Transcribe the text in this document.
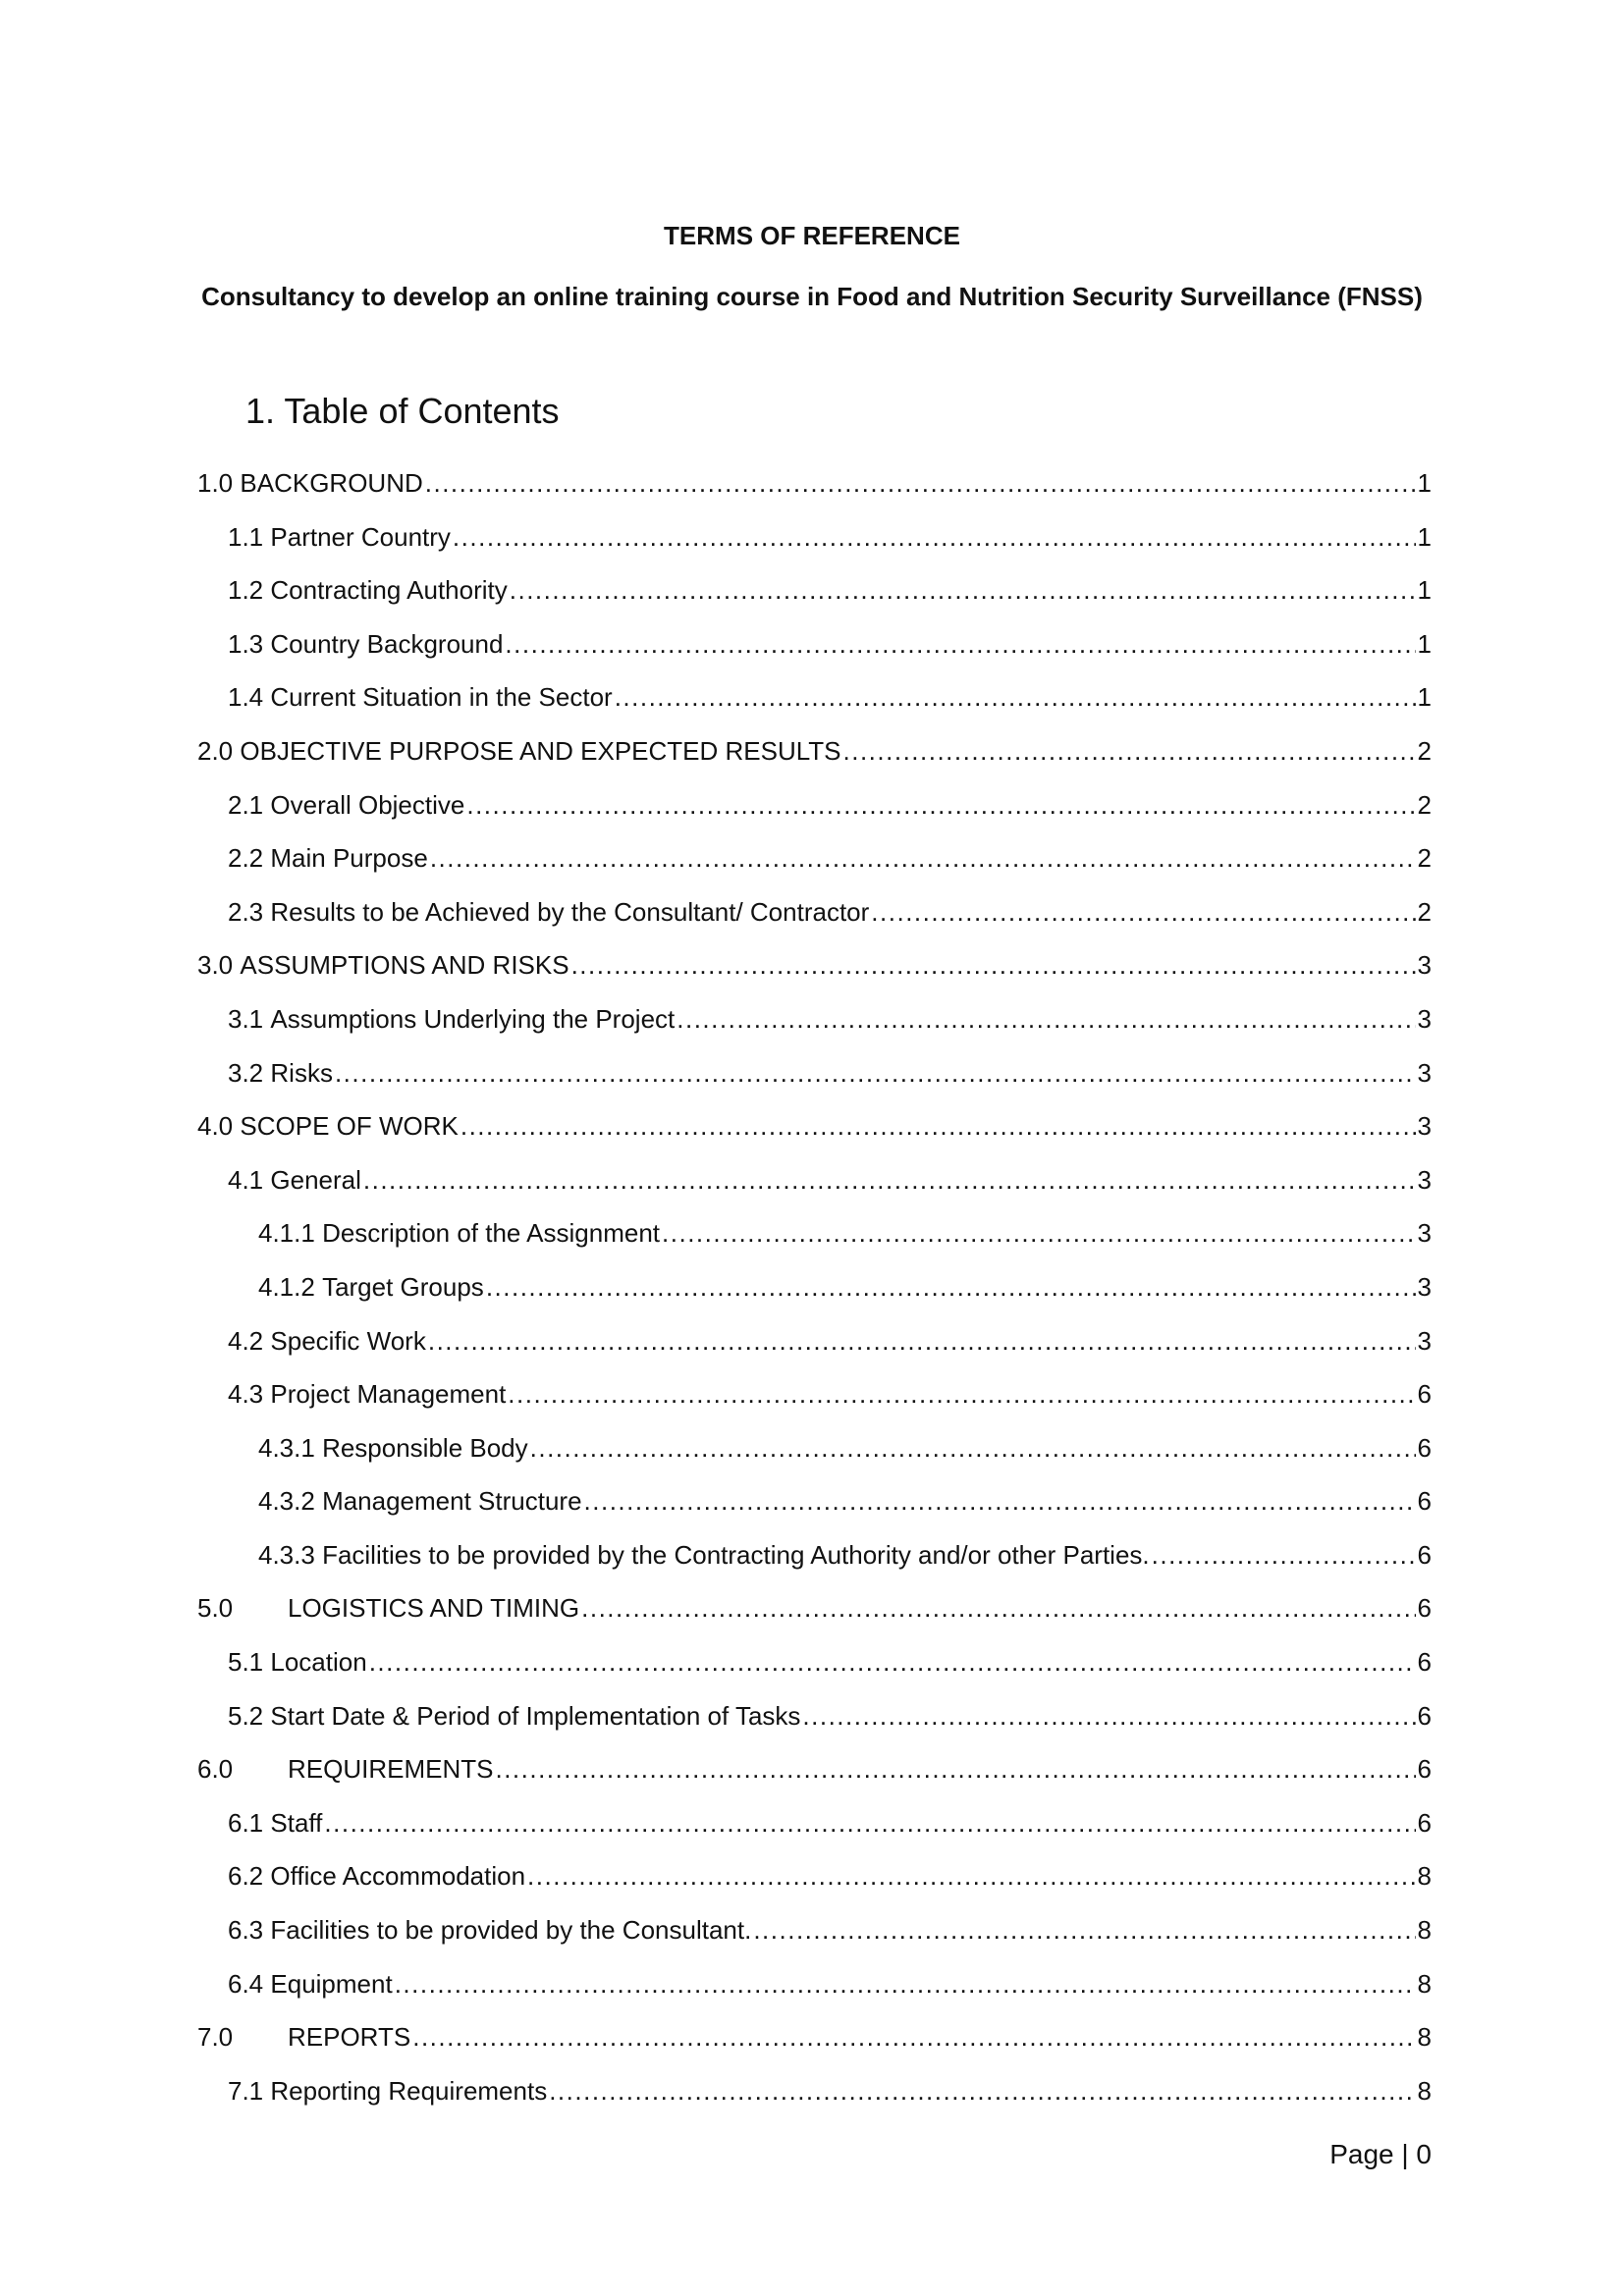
TERMS OF REFERENCE
Consultancy to develop an online training course in Food and Nutrition Security Surveillance (FNSS)
1. Table of Contents
1.0 BACKGROUND .....	1
1.1 Partner Country .....	1
1.2 Contracting Authority .....	1
1.3 Country Background .....	1
1.4 Current Situation in the Sector .....	1
2.0 OBJECTIVE PURPOSE AND EXPECTED RESULTS .....	2
2.1 Overall Objective .....	2
2.2 Main Purpose .....	2
2.3 Results to be Achieved by the Consultant/ Contractor .....	2
3.0 ASSUMPTIONS AND RISKS .....	3
3.1 Assumptions Underlying the Project .....	3
3.2 Risks .....	3
4.0 SCOPE OF WORK .....	3
4.1 General .....	3
4.1.1 Description of the Assignment .....	3
4.1.2 Target Groups .....	3
4.2 Specific Work .....	3
4.3 Project Management .....	6
4.3.1 Responsible Body .....	6
4.3.2 Management Structure .....	6
4.3.3 Facilities to be provided by the Contracting Authority and/or other Parties. .....	6
5.0	LOGISTICS AND TIMING .....	6
5.1 Location .....	6
5.2 Start Date & Period of Implementation of Tasks .....	6
6.0	REQUIREMENTS .....	6
6.1 Staff .....	6
6.2 Office Accommodation .....	8
6.3 Facilities to be provided by the Consultant. .....	8
6.4 Equipment .....	8
7.0	REPORTS .....	8
7.1 Reporting Requirements .....	8
Page | 0
